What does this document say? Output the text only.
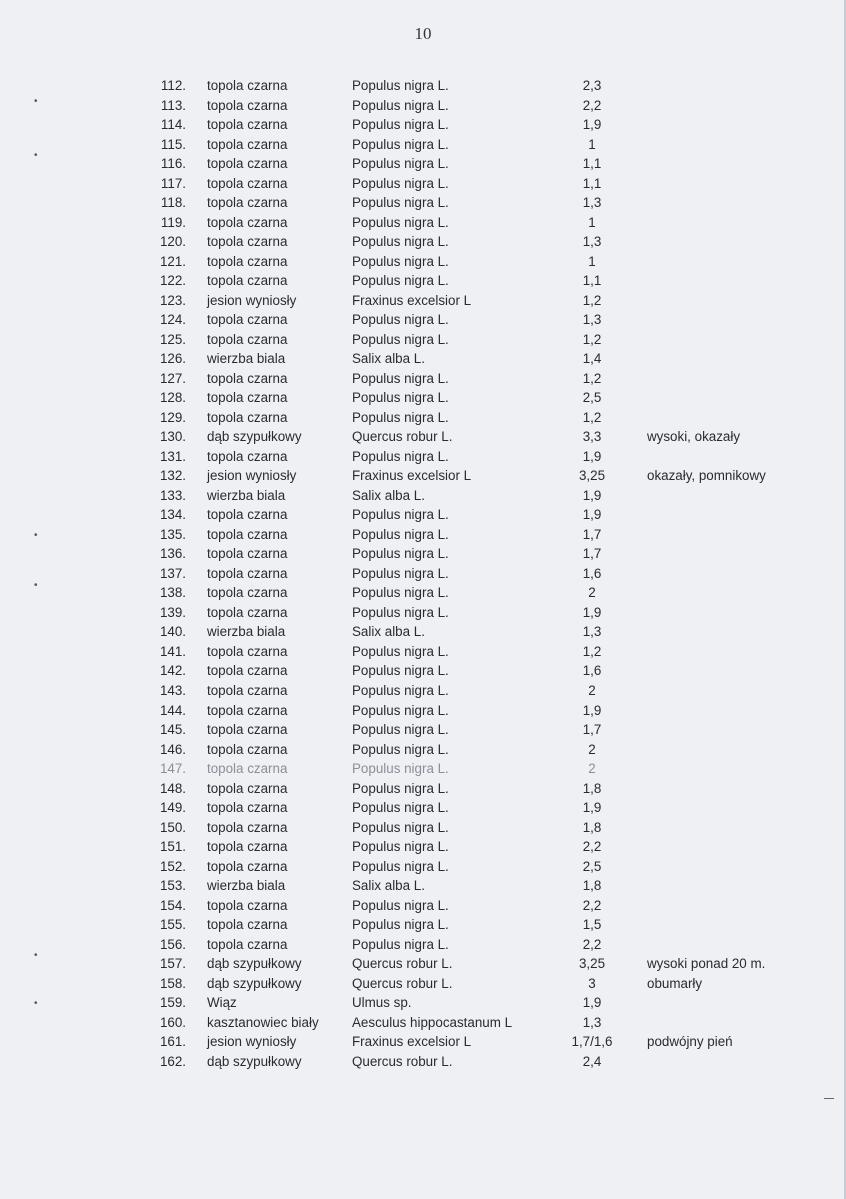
10
112. topola czarna	Populus nigra L.	2,3
113. topola czarna	Populus nigra L.	2,2
114. topola czarna	Populus nigra L.	1,9
115. topola czarna	Populus nigra L.	1
116. topola czarna	Populus nigra L.	1,1
117. topola czarna	Populus nigra L.	1,1
118. topola czarna	Populus nigra L.	1,3
119. topola czarna	Populus nigra L.	1
120. topola czarna	Populus nigra L.	1,3
121. topola czarna	Populus nigra L.	1
122. topola czarna	Populus nigra L.	1,1
123. jesion wyniosły	Fraxinus excelsior L	1,2
124. topola czarna	Populus nigra L.	1,3
125. topola czarna	Populus nigra L.	1,2
126. wierzba biala	Salix alba L.	1,4
127. topola czarna	Populus nigra L.	1,2
128. topola czarna	Populus nigra L.	2,5
129. topola czarna	Populus nigra L.	1,2
130. dąb szypułkowy	Quercus robur L.	3,3	wysoki, okazały
131. topola czarna	Populus nigra L.	1,9
132. jesion wyniosły	Fraxinus excelsior L	3,25	okazały, pomnikowy
133. wierzba biala	Salix alba L.	1,9
134. topola czarna	Populus nigra L.	1,9
135. topola czarna	Populus nigra L.	1,7
136. topola czarna	Populus nigra L.	1,7
137. topola czarna	Populus nigra L.	1,6
138. topola czarna	Populus nigra L.	2
139. topola czarna	Populus nigra L.	1,9
140. wierzba biala	Salix alba L.	1,3
141. topola czarna	Populus nigra L.	1,2
142. topola czarna	Populus nigra L.	1,6
143. topola czarna	Populus nigra L.	2
144. topola czarna	Populus nigra L.	1,9
145. topola czarna	Populus nigra L.	1,7
146. topola czarna	Populus nigra L.	2
147. topola czarna	Populus nigra L.	2
148. topola czarna	Populus nigra L.	1,8
149. topola czarna	Populus nigra L.	1,9
150. topola czarna	Populus nigra L.	1,8
151. topola czarna	Populus nigra L.	2,2
152. topola czarna	Populus nigra L.	2,5
153. wierzba biala	Salix alba L.	1,8
154. topola czarna	Populus nigra L.	2,2
155. topola czarna	Populus nigra L.	1,5
156. topola czarna	Populus nigra L.	2,2
157. dąb szypułkowy	Quercus robur L.	3,25	wysoki ponad 20 m.
158. dąb szypułkowy	Quercus robur L.	3	obumarły
159. Wiąz	Ulmus sp.	1,9
160. kasztanowiec biały Aesculus hippocastanum L	1,3
161. jesion wyniosły	Fraxinus excelsior L	1,7/1,6	podwójny pień
162. dąb szypułkowy	Quercus robur L.	2,4
•
•
•
•
•
•
